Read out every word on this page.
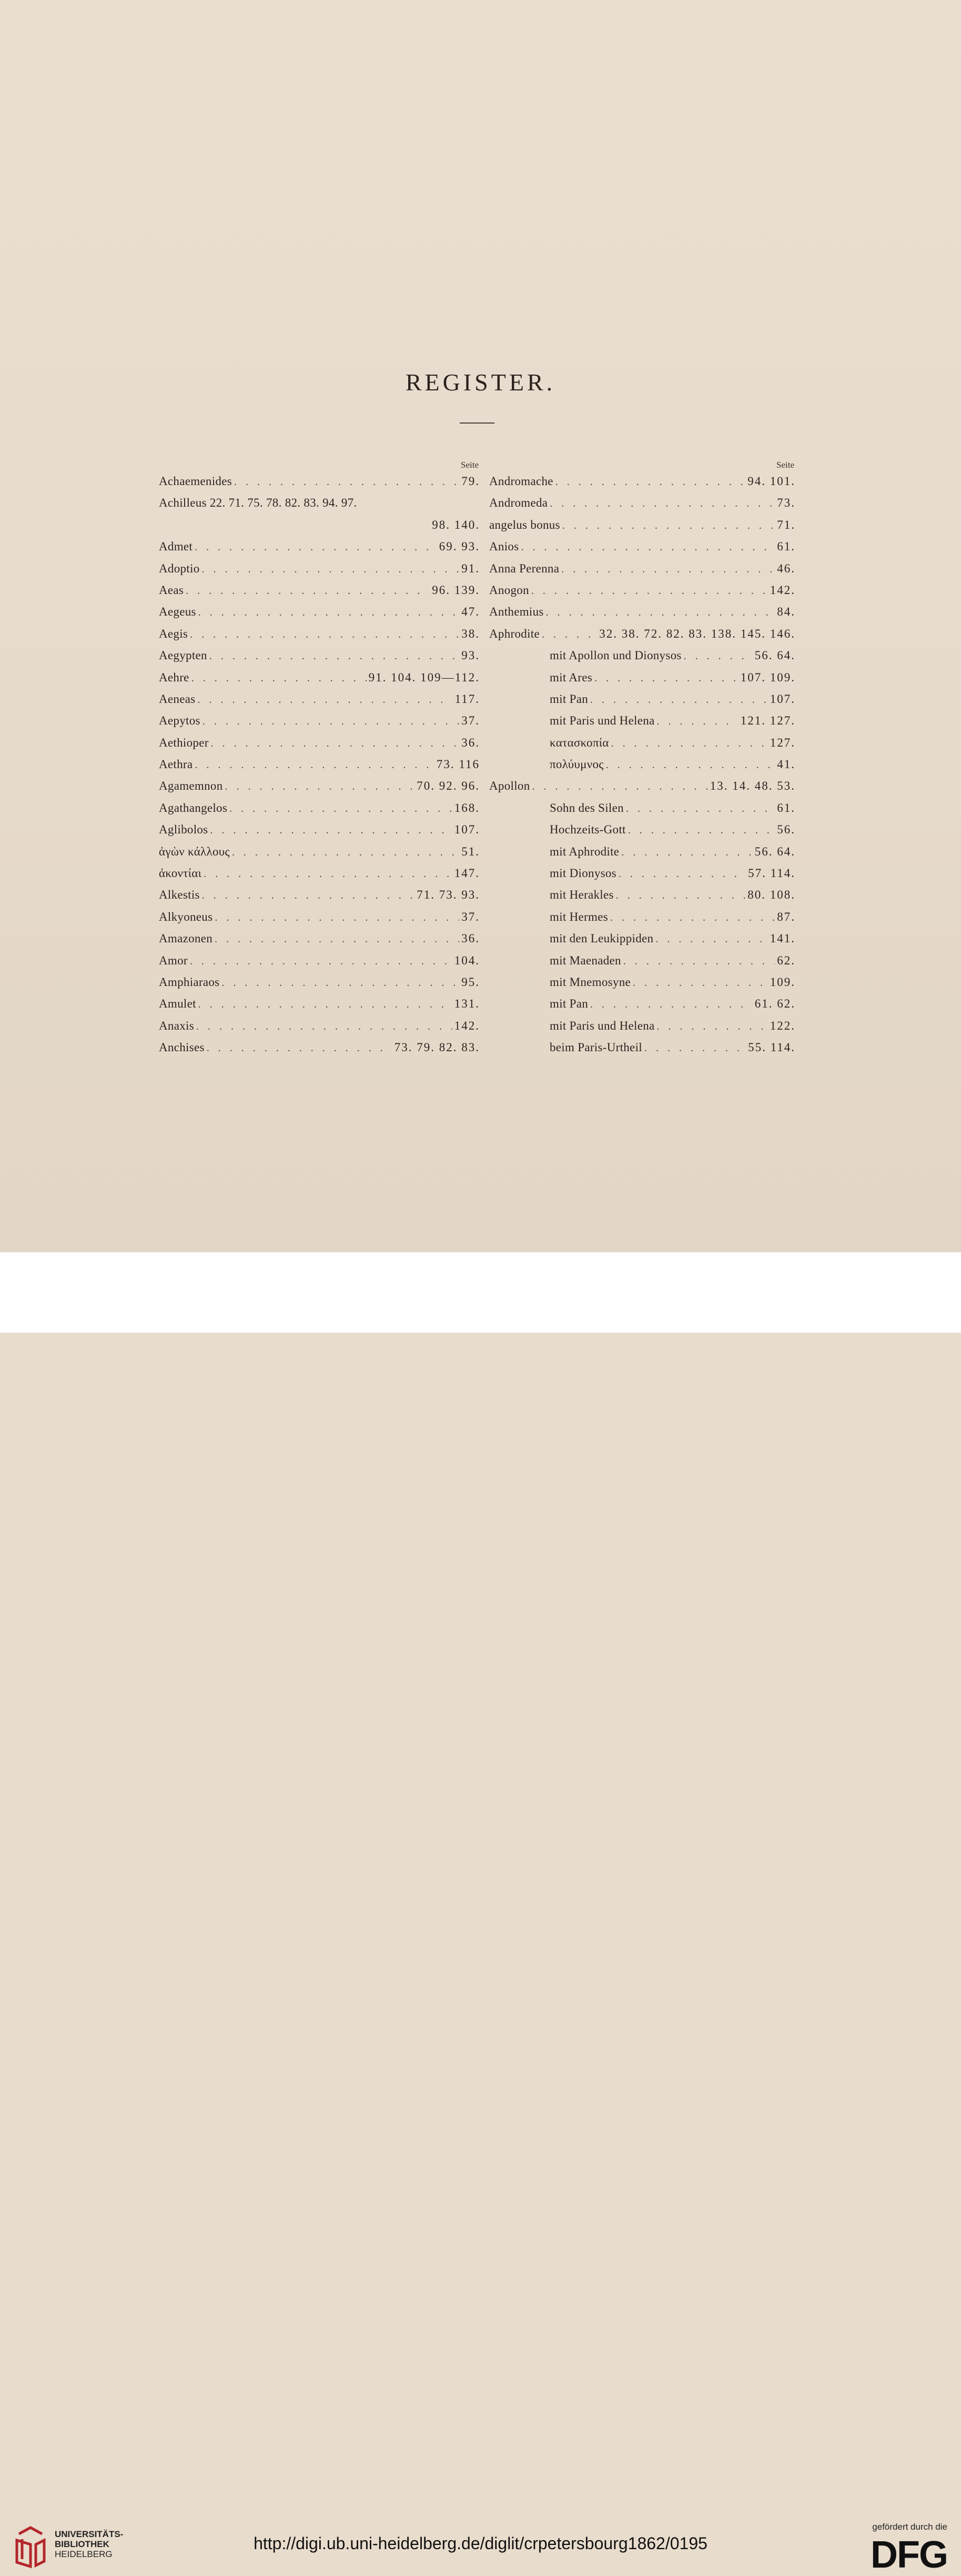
REGISTER.
Seite
Achaemenides . . .	79.
Achilleus 22. 71. 75. 78. 82. 83. 94. 97.
98. 140.
Admet . . .	69. 93.
Adoptio . . .	91.
Aeas . . .	96. 139.
Aegeus . . .	47.
Aegis . . .	38.
Aegypten . . .	93.
Aehre . . .	91. 104. 109—112.
Aeneas . . .	117.
Aepytos . . .	37.
Aethioper . . .	36.
Aethra . . .	73. 116
Agamemnon . . .	70. 92. 96.
Agathangelos . . .	168.
Aglibolos . . .	107.
ἀγὼν κάλλους . . .	51.
ἀκοντίαι . . .	147.
Alkestis . . .	71. 73. 93.
Alkyoneus . . .	37.
Amazonen . . .	36.
Amor . . .	104.
Amphiaraos . . .	95.
Amulet . . .	131.
Anaxis . . .	142.
Anchises . . .	73. 79. 82. 83.
Seite
Andromache . . .	94. 101.
Andromeda . . .	73.
angelus bonus . . .	71.
Anios . . .	61.
Anna Perenna . . .	46.
Anogon . . .	142.
Anthemius . . .	84.
Aphrodite . . .	32. 38. 72. 82. 83. 138. 145. 146.
mit Apollon und Dionysos . . .	56. 64.
mit Ares . . .	107. 109.
mit Pan . . .	107.
mit Paris und Helena . . .	121. 127.
κατασκοπία . . .	127.
πολύυμνος . . .	41.
Apollon . . .	13. 14. 48. 53.
Sohn des Silen . . .	61.
Hochzeits-Gott . . .	56.
mit Aphrodite . . .	56. 64.
mit Dionysos . . .	57. 114.
mit Herakles . . .	80. 108.
mit Hermes . . .	87.
mit den Leukippiden . . .	141.
mit Maenaden . . .	62.
mit Mnemosyne . . .	109.
mit Pan . . .	61. 62.
mit Paris und Helena . . .	122.
beim Paris-Urtheil . . .	55. 114.
UNIVERSITÄTS-
BIBLIOTHEK
HEIDELBERG
http://digi.ub.uni-heidelberg.de/diglit/crpetersbourg1862/0195
gefördert durch die
DFG
